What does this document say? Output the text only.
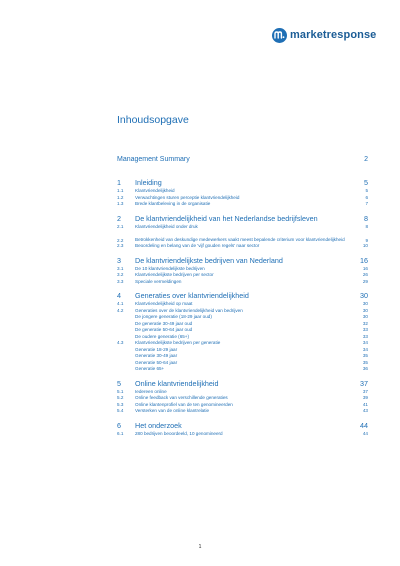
marketresponse
Inhoudsopgave
Management Summary	2
1	Inleiding	5
1.1	Klantvriendelijkheid	5
1.2	Verwachtingen sturen perceptie klantvriendelijkheid	6
1.3	Brede klantbeleving in de organisatie	7
2	De klantvriendelijkheid van het Nederlandse bedrijfsleven	8
2.1	Klantvriendelijkheid onder druk	8
2.2	Betrokkenheid van deskundige medewerkers vaakt meest bepalende criterium voor klantvriendelijkheid	9
2.3	Beoordeling en belang van de 'vijf gouden regels' naar sector	10
3	De klantvriendelijkste bedrijven van Nederland	16
3.1	De 10 klantvriendelijkste bedrijven	16
3.2	Klantvriendelijkste bedrijven per sector	26
3.3	Speciale vermeldingen	29
4	Generaties over klantvriendelijkheid	30
4.1	Klantvriendelijkheid op maat	30
4.2	Generaties over de klantvriendelijkheid van bedrijven	30
De jongere generatie (18-29 jaar oud)	30
De generatie 30-49 jaar oud	32
De generatie 50-64 jaar oud	33
De oudere generatie (65+)	33
4.3	Klantvriendelijkste bedrijven per generatie	34
Generatie 18-29 jaar	34
Generatie 30-49 jaar	35
Generatie 50-64 jaar	35
Generatie 65+	36
5	Online klantvriendelijkheid	37
5.1	Iedereen online	37
5.2	Online feedback van verschillende generaties	39
5.3	Online klantenprofiel van de ten genomineerden	41
5.4	Versterken van de online klantrelatie	43
6	Het onderzoek	44
6.1	280 bedrijven beoordeeld, 10 genomineerd	44
1
